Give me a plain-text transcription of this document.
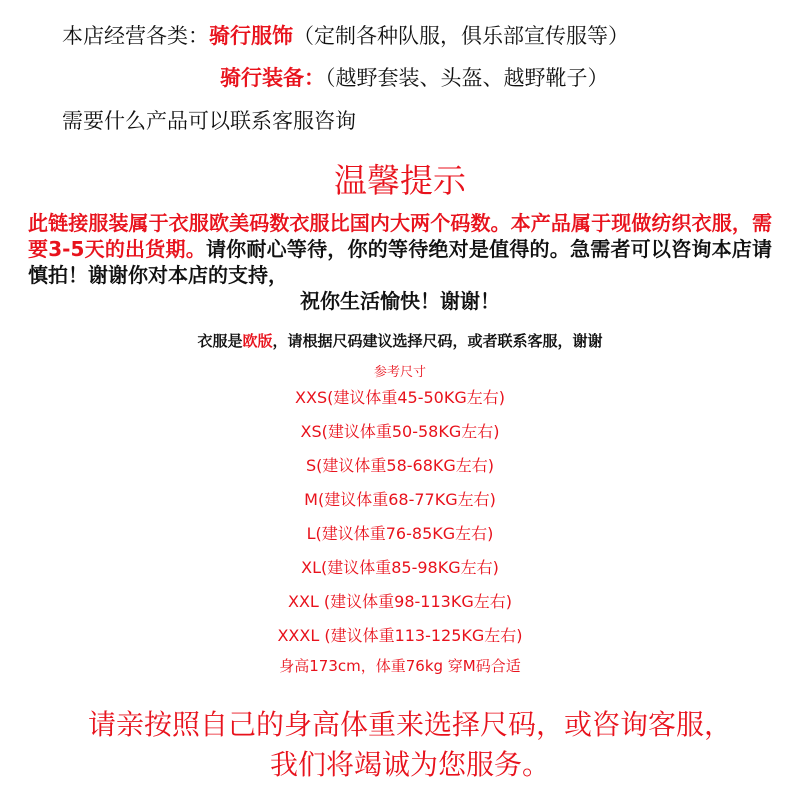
本店经营各类：骑行服饰（定制各种队服，俱乐部宣传服等）
骑行装备：（越野套装、头盔、越野靴子）
需要什么产品可以联系客服咨询
温馨提示
此链接服装属于衣服欧美码数衣服比国内大两个码数。本产品属于现做纺织衣服，需要3-5天的出货期。请你耐心等待，你的等待绝对是值得的。急需者可以咨询本店请慎拍！谢谢你对本店的支持，
祝你生活愉快！谢谢！
衣服是欧版，请根据尺码建议选择尺码，或者联系客服，谢谢
参考尺寸
XXS(建议体重45-50KG左右)
XS(建议体重50-58KG左右)
S(建议体重58-68KG左右)
M(建议体重68-77KG左右)
L(建议体重76-85KG左右)
XL(建议体重85-98KG左右)
XXL (建议体重98-113KG左右)
XXXL (建议体重113-125KG左右)
身高173cm，体重76kg 穿M码合适
请亲按照自己的身高体重来选择尺码，或咨询客服，我们将竭诚为您服务。
